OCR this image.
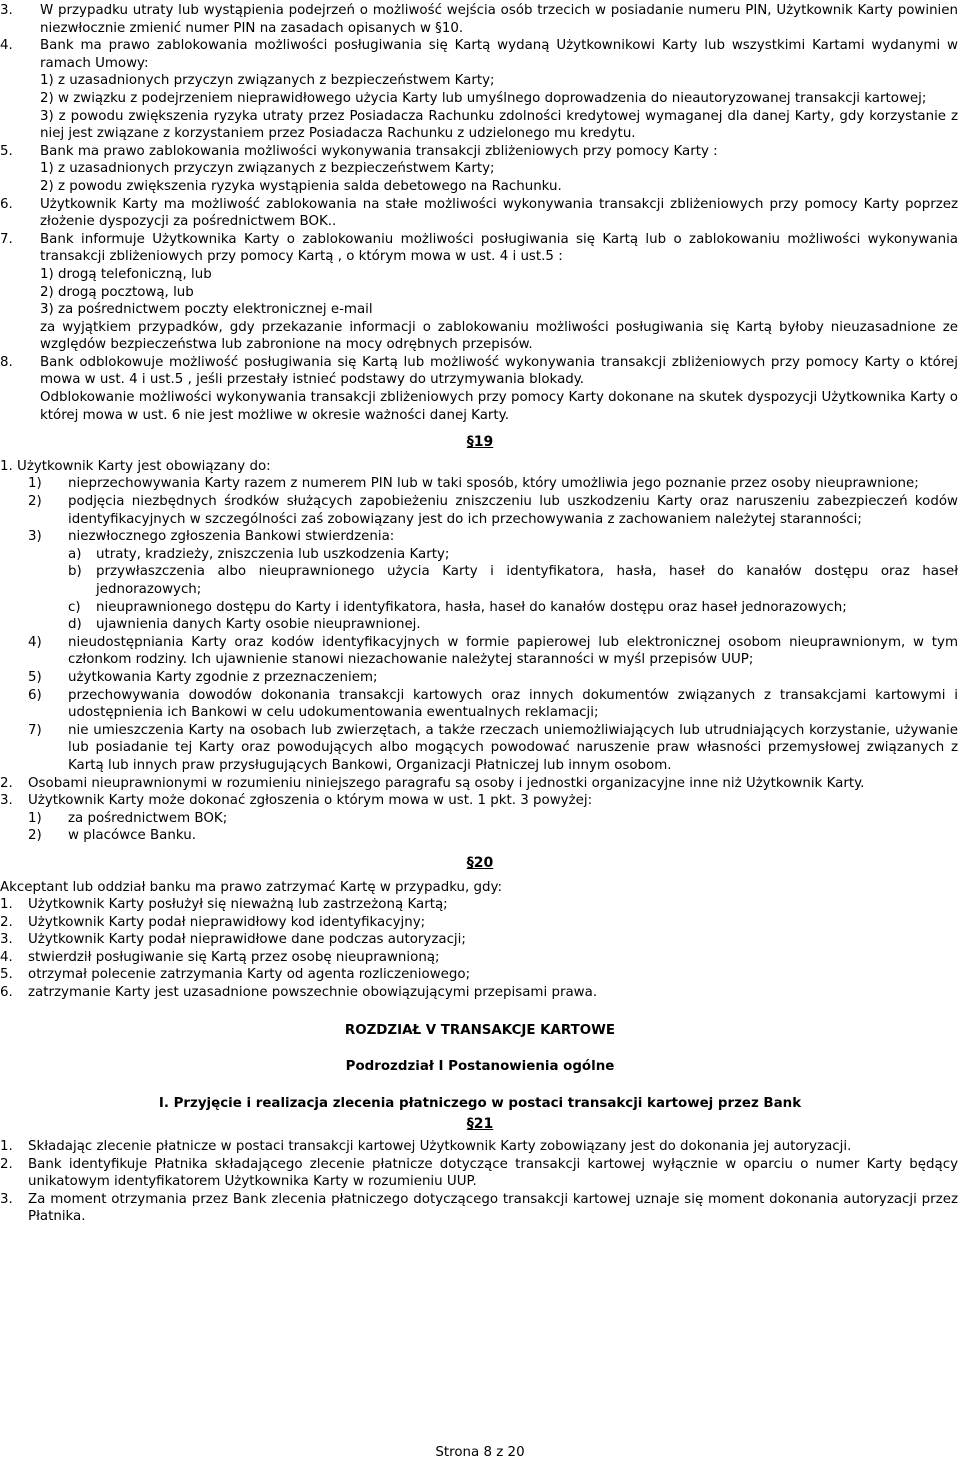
3. W przypadku utraty lub wystąpienia podejrzeń o możliwość wejścia osób trzecich w posiadanie numeru PIN, Użytkownik Karty powinien niezwłocznie zmienić numer PIN na zasadach opisanych w §10.
4. Bank ma prawo zablokowania możliwości posługiwania się Kartą wydaną Użytkownikowi Karty lub wszystkimi Kartami wydanymi w ramach Umowy:
1) z uzasadnionych przyczyn związanych z bezpieczeństwem Karty;
2) w związku z podejrzeniem nieprawidłowego użycia Karty lub umyślnego doprowadzenia do nieautoryzowanej transakcji kartowej;
3) z powodu zwiększenia ryzyka utraty przez Posiadacza Rachunku zdolności kredytowej wymaganej dla danej Karty, gdy korzystanie z niej jest związane z korzystaniem przez Posiadacza Rachunku z udzielonego mu kredytu.
5. Bank ma prawo zablokowania możliwości wykonywania transakcji zbliżeniowych przy pomocy Karty :
1) z uzasadnionych przyczyn związanych z bezpieczeństwem Karty;
2) z powodu zwiększenia ryzyka wystąpienia salda debetowego na Rachunku.
6. Użytkownik Karty ma możliwość zablokowania na stałe możliwości wykonywania transakcji zbliżeniowych przy pomocy Karty poprzez złożenie dyspozycji za pośrednictwem BOK..
7. Bank informuje Użytkownika Karty o zablokowaniu możliwości posługiwania się Kartą lub o zablokowaniu możliwości wykonywania transakcji zbliżeniowych przy pomocy Kartą , o którym mowa w ust. 4 i ust.5 :
1) drogą telefoniczną, lub
2) drogą pocztową, lub
3) za pośrednictwem poczty elektronicznej e-mail
za wyjątkiem przypadków, gdy przekazanie informacji o zablokowaniu możliwości posługiwania się Kartą byłoby nieuzasadnione ze względów bezpieczeństwa lub zabronione na mocy odrębnych przepisów.
8. Bank odblokowuje możliwość posługiwania się Kartą lub możliwość wykonywania transakcji zbliżeniowych przy pomocy Karty o której mowa w ust. 4 i ust.5 , jeśli przestały istnieć podstawy do utrzymywania blokady.
Odblokowanie możliwości wykonywania transakcji zbliżeniowych przy pomocy Karty dokonane na skutek dyspozycji Użytkownika Karty o której mowa w ust. 6 nie jest możliwe w okresie ważności danej Karty.
§19
1. Użytkownik Karty jest obowiązany do:
1) nieprzechowywania Karty razem z numerem PIN lub w taki sposób, który umożliwia jego poznanie przez osoby nieuprawnione;
2) podjęcia niezbędnych środków służących zapobieżeniu zniszczeniu lub uszkodzeniu Karty oraz naruszeniu zabezpieczeń kodów identyfikacyjnych w szczególności zaś zobowiązany jest do ich przechowywania z zachowaniem należytej staranności;
3) niezwłocznego zgłoszenia Bankowi stwierdzenia:
a) utraty, kradzieży, zniszczenia lub uszkodzenia Karty;
b) przywłaszczenia albo nieuprawnionego użycia Karty i identyfikatora, hasła, haseł do kanałów dostępu oraz haseł jednorazowych;
c) nieuprawnionego dostępu do Karty i identyfikatora, hasła, haseł do kanałów dostępu oraz haseł jednorazowych;
d) ujawnienia danych Karty osobie nieuprawnionej.
4) nieudostępniania Karty oraz kodów identyfikacyjnych w formie papierowej lub elektronicznej osobom nieuprawnionym, w tym członkom rodziny. Ich ujawnienie stanowi niezachowanie należytej staranności w myśl przepisów UUP;
5) użytkowania Karty zgodnie z przeznaczeniem;
6) przechowywania dowodów dokonania transakcji kartowych oraz innych dokumentów związanych z transakcjami kartowymi i udostępnienia ich Bankowi w celu udokumentowania ewentualnych reklamacji;
7) nie umieszczenia Karty na osobach lub zwierzętach, a także rzeczach uniemożliwiających lub utrudniających korzystanie, używanie lub posiadanie tej Karty oraz powodujących albo mogących powodować naruszenie praw własności przemysłowej związanych z Kartą lub innych praw przysługujących Bankowi, Organizacji Płatniczej lub innym osobom.
2. Osobami nieuprawnionymi w rozumieniu niniejszego paragrafu są osoby i jednostki organizacyjne inne niż Użytkownik Karty.
3. Użytkownik Karty może dokonać zgłoszenia o którym mowa w ust. 1 pkt. 3 powyżej:
1) za pośrednictwem BOK;
2) w placówce Banku.
§20
Akceptant lub oddział banku ma prawo zatrzymać Kartę w przypadku, gdy:
1. Użytkownik Karty posłużył się nieważną lub zastrzeżoną Kartą;
2. Użytkownik Karty podał nieprawidłowy kod identyfikacyjny;
3. Użytkownik Karty podał nieprawidłowe dane podczas autoryzacji;
4. stwierdził posługiwanie się Kartą przez osobę nieuprawnioną;
5. otrzymał polecenie zatrzymania Karty od agenta rozliczeniowego;
6. zatrzymanie Karty jest uzasadnione powszechnie obowiązującymi przepisami prawa.
ROZDZIAŁ V TRANSAKCJE KARTOWE
Podrozdział I Postanowienia ogólne
I. Przyjęcie i realizacja zlecenia płatniczego w postaci transakcji kartowej przez Bank
§21
1. Składając zlecenie płatnicze w postaci transakcji kartowej Użytkownik Karty zobowiązany jest do dokonania jej autoryzacji.
2. Bank identyfikuje Płatnika składającego zlecenie płatnicze dotyczące transakcji kartowej wyłącznie w oparciu o numer Karty będący unikatowym identyfikatorem Użytkownika Karty w rozumieniu UUP.
3. Za moment otrzymania przez Bank zlecenia płatniczego dotyczącego transakcji kartowej uznaje się moment dokonania autoryzacji przez Płatnika.
Strona 8 z 20
